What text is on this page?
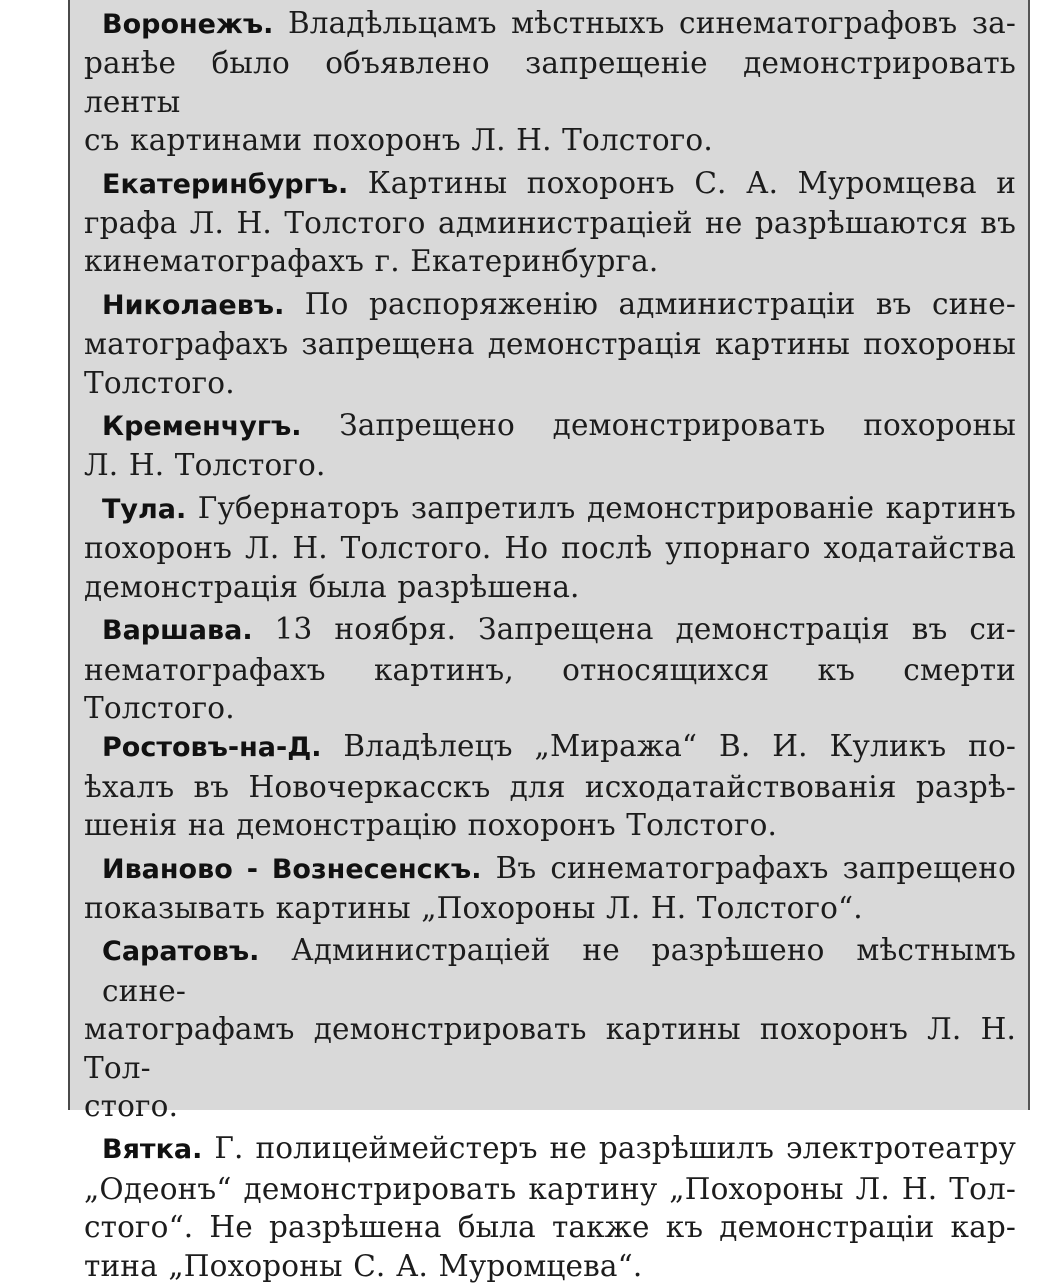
Воронежъ. Владѣльцамъ мѣстныхъ синематографовъ за-
ранѣе было объявлено запрещеніе демонстрировать ленты
съ картинами похоронъ Л. Н. Толстого.
Екатеринбургъ. Картины похоронъ С. А. Муромцева и
графа Л. Н. Толстого администраціей не разрѣшаются въ
кинематографахъ г. Екатеринбурга.
Николаевъ. По распоряженію администраціи въ сине-
матографахъ запрещена демонстрація картины похороны
Толстого.
Кременчугъ. Запрещено демонстрировать похороны
Л. Н. Толстого.
Тула. Губернаторъ запретилъ демонстрированіе картинъ
похоронъ Л. Н. Толстого. Но послѣ упорнаго ходатайства
демонстрація была разрѣшена.
Варшава. 13 ноября. Запрещена демонстрація въ си-
нематографахъ картинъ, относящихся къ смерти Толстого.
Ростовъ-на-Д. Владѣлецъ „Миража“ В. И. Куликъ по-
ѣхалъ въ Новочеркасскъ для исходатайствованія разрѣ-
шенія на демонстрацію похоронъ Толстого.
Иваново - Вознесенскъ. Въ синематографахъ запрещено
показывать картины „Похороны Л. Н. Толстого“.
Саратовъ. Администраціей не разрѣшено мѣстнымъ сине-
матографамъ демонстрировать картины похоронъ Л. Н. Тол-
стого.
Вятка. Г. полицеймейстеръ не разрѣшилъ электротеатру
„Одеонъ“ демонстрировать картину „Похороны Л. Н. Тол-
стого“. Не разрѣшена была также къ демонстраціи кар-
тина „Похороны С. А. Муромцева“.
